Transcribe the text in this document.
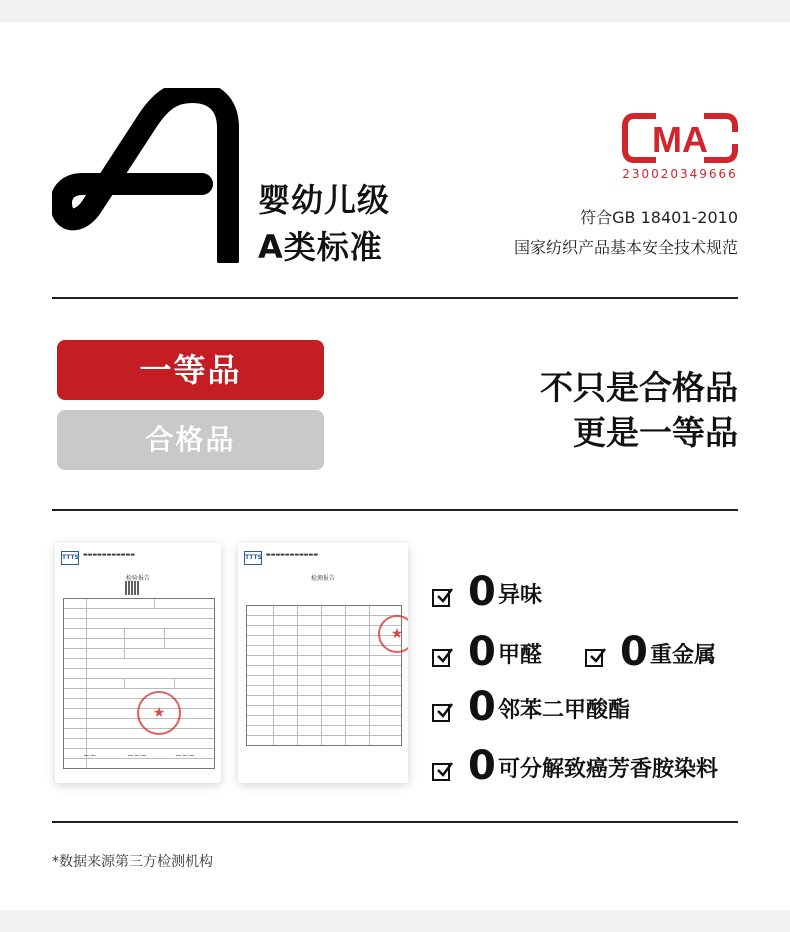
婴幼儿级
A类标准
MA
230020349666
符合GB 18401-2010
国家纺织产品基本安全技术规范
一等品
合格品
不只是合格品
更是一等品
TTTS ▬▬▬▬▬▬▬▬▬▬▬
检验报告
★
~~	~~~	~~~
TTTS ▬▬▬▬▬▬▬▬▬▬▬
检测报告
★
0 异味
0 甲醛 0 重金属
0 邻苯二甲酸酯
0 可分解致癌芳香胺染料
*数据来源第三方检测机构
